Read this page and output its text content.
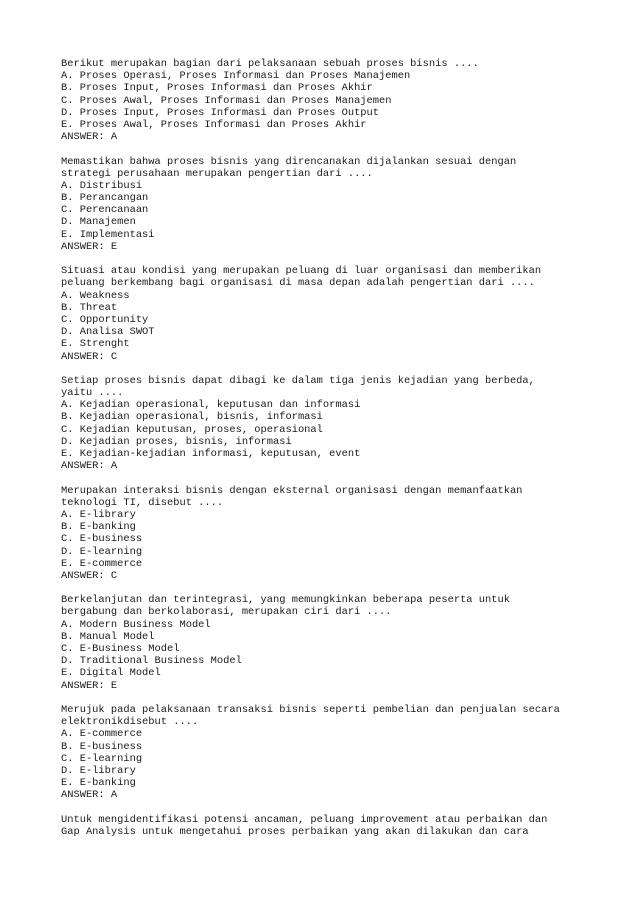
Berikut merupakan bagian dari pelaksanaan sebuah proses bisnis ....
A. Proses Operasi, Proses Informasi dan Proses Manajemen
B. Proses Input, Proses Informasi dan Proses Akhir
C. Proses Awal, Proses Informasi dan Proses Manajemen
D. Proses Input, Proses Informasi dan Proses Output
E. Proses Awal, Proses Informasi dan Proses Akhir
ANSWER: A
Memastikan bahwa proses bisnis yang direncanakan dijalankan sesuai dengan
strategi perusahaan merupakan pengertian dari ....
A. Distribusi
B. Perancangan
C. Perencanaan
D. Manajemen
E. Implementasi
ANSWER: E
Situasi atau kondisi yang merupakan peluang di luar organisasi dan memberikan
peluang berkembang bagi organisasi di masa depan adalah pengertian dari ....
A. Weakness
B. Threat
C. Opportunity
D. Analisa SWOT
E. Strenght
ANSWER: C
Setiap proses bisnis dapat dibagi ke dalam tiga jenis kejadian yang berbeda,
yaitu ....
A. Kejadian operasional, keputusan dan informasi
B. Kejadian operasional, bisnis, informasi
C. Kejadian keputusan, proses, operasional
D. Kejadian proses, bisnis, informasi
E. Kejadian-kejadian informasi, keputusan, event
ANSWER: A
Merupakan interaksi bisnis dengan eksternal organisasi dengan memanfaatkan
teknologi TI, disebut ....
A. E-library
B. E-banking
C. E-business
D. E-learning
E. E-commerce
ANSWER: C
Berkelanjutan dan terintegrasi, yang memungkinkan beberapa peserta untuk
bergabung dan berkolaborasi, merupakan ciri dari ....
A. Modern Business Model
B. Manual Model
C. E-Business Model
D. Traditional Business Model
E. Digital Model
ANSWER: E
Merujuk pada pelaksanaan transaksi bisnis seperti pembelian dan penjualan secara
elektronikdisebut ....
A. E-commerce
B. E-business
C. E-learning
D. E-library
E. E-banking
ANSWER: A
Untuk mengidentifikasi potensi ancaman, peluang improvement atau perbaikan dan
Gap Analysis untuk mengetahui proses perbaikan yang akan dilakukan dan cara
